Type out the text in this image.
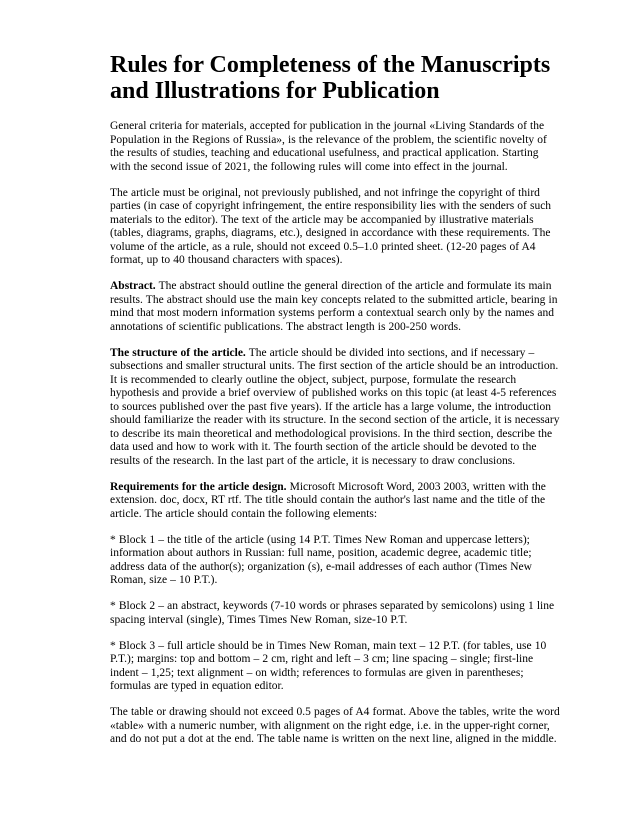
Rules for Completeness of the Manuscripts and Illustrations for Publication

General criteria for materials, accepted for publication in the journal «Living Standards of the Population in the Regions of Russia», is the relevance of the problem, the scientific novelty of the results of studies, teaching and educational usefulness, and practical application. Starting with the second issue of 2021, the following rules will come into effect in the journal.

The article must be original, not previously published, and not infringe the copyright of third parties (in case of copyright infringement, the entire responsibility lies with the senders of such materials to the editor). The text of the article may be accompanied by illustrative materials (tables, diagrams, graphs, diagrams, etc.), designed in accordance with these requirements. The volume of the article, as a rule, should not exceed 0.5–1.0 printed sheet. (12-20 pages of A4 format, up to 40 thousand characters with spaces).

Abstract. The abstract should outline the general direction of the article and formulate its main results. The abstract should use the main key concepts related to the submitted article, bearing in mind that most modern information systems perform a contextual search only by the names and annotations of scientific publications. The abstract length is 200-250 words.

The structure of the article. The article should be divided into sections, and if necessary – subsections and smaller structural units. The first section of the article should be an introduction. It is recommended to clearly outline the object, subject, purpose, formulate the research hypothesis and provide a brief overview of published works on this topic (at least 4-5 references to sources published over the past five years). If the article has a large volume, the introduction should familiarize the reader with its structure. In the second section of the article, it is necessary to describe its main theoretical and methodological provisions. In the third section, describe the data used and how to work with it. The fourth section of the article should be devoted to the results of the research. In the last part of the article, it is necessary to draw conclusions.

Requirements for the article design. Microsoft Microsoft Word, 2003 2003, written with the extension. doc, docx, RT rtf. The title should contain the author's last name and the title of the article. The article should contain the following elements:

* Block 1 – the title of the article (using 14 P.T. Times New Roman and uppercase letters); information about authors in Russian: full name, position, academic degree, academic title; address data of the author(s); organization (s), e-mail addresses of each author (Times New Roman, size – 10 P.T.).

* Block 2 – an abstract, keywords (7-10 words or phrases separated by semicolons) using 1 line spacing interval (single), Times Times New Roman, size-10 P.T.

* Block 3 – full article should be in Times New Roman, main text – 12 P.T. (for tables, use 10 P.T.); margins: top and bottom – 2 cm, right and left – 3 cm; line spacing – single; first-line indent – 1,25; text alignment – on width; references to formulas are given in parentheses; formulas are typed in equation editor.

The table or drawing should not exceed 0.5 pages of A4 format. Above the tables, write the word «table» with a numeric number, with alignment on the right edge, i.e. in the upper-right corner, and do not put a dot at the end. The table name is written on the next line, aligned in the middle.
